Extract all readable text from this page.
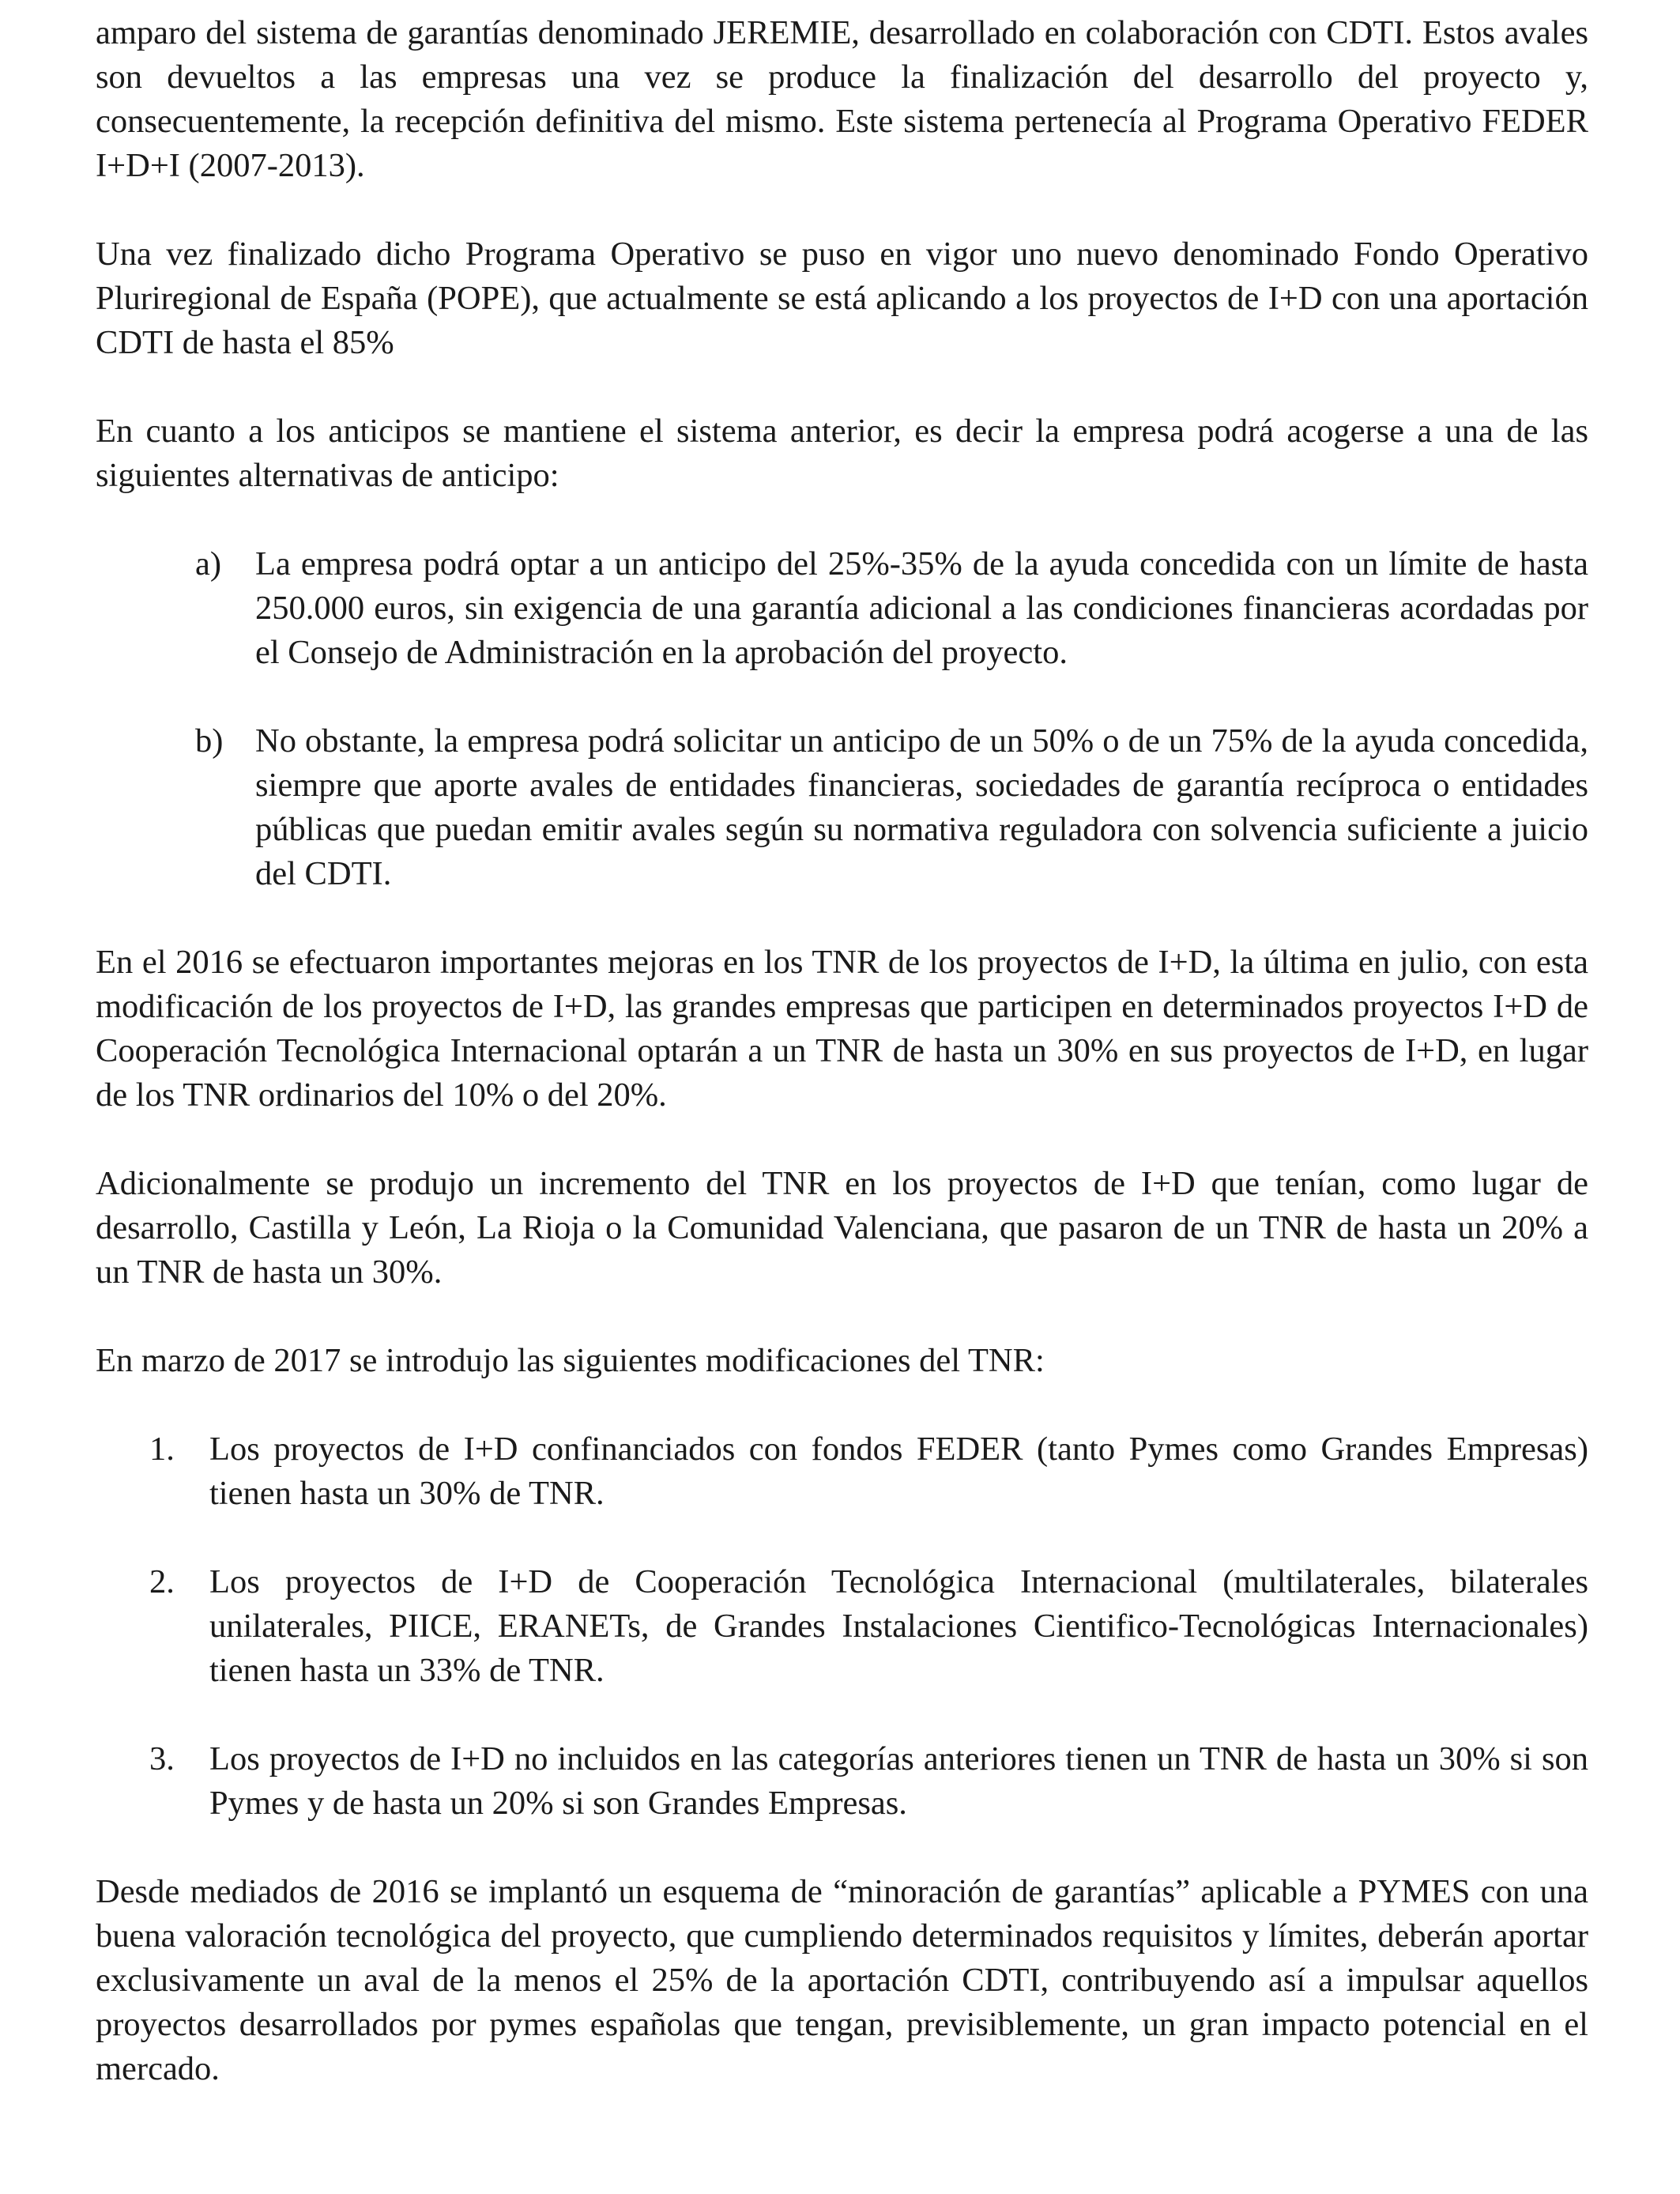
amparo del sistema de garantías denominado JEREMIE, desarrollado en colaboración con CDTI. Estos avales son devueltos a las empresas una vez se produce la finalización del desarrollo del proyecto y, consecuentemente, la recepción definitiva del mismo. Este sistema pertenecía al Programa Operativo FEDER I+D+I (2007-2013).

Una vez finalizado dicho Programa Operativo se puso en vigor uno nuevo denominado Fondo Operativo Pluriregional de España (POPE), que actualmente se está aplicando a los proyectos de I+D con una aportación CDTI de hasta el 85%

En cuanto a los anticipos se mantiene el sistema anterior, es decir la empresa podrá acogerse a una de las siguientes alternativas de anticipo:

a)	La empresa podrá optar a un anticipo del 25%-35% de la ayuda concedida con un límite de hasta 250.000 euros, sin exigencia de una garantía adicional a las condiciones financieras acordadas por el Consejo de Administración en la aprobación del proyecto.
b) No obstante, la empresa podrá solicitar un anticipo de un 50% o de un 75% de la ayuda concedida, siempre que aporte avales de entidades financieras, sociedades de garantía recíproca o entidades públicas que puedan emitir avales según su normativa reguladora con solvencia suficiente a juicio del CDTI.

En el 2016 se efectuaron importantes mejoras en los TNR de los proyectos de I+D, la última en julio, con esta modificación de los proyectos de I+D, las grandes empresas que participen en determinados proyectos I+D de Cooperación Tecnológica Internacional optarán a un TNR de hasta un 30% en sus proyectos de I+D, en lugar de los TNR ordinarios del 10% o del 20%.

Adicionalmente se produjo un incremento del TNR en los proyectos de I+D que tenían, como lugar de desarrollo, Castilla y León, La Rioja o la Comunidad Valenciana, que pasaron de un TNR de hasta un 20% a un TNR de hasta un 30%.

En marzo de 2017 se introdujo las siguientes modificaciones del TNR:

1.	Los proyectos de I+D confinanciados con fondos FEDER (tanto Pymes como Grandes Empresas) tienen hasta un 30% de TNR.
2.	Los proyectos de I+D de Cooperación Tecnológica Internacional (multilaterales, bilaterales unilaterales, PIICE, ERANETs, de Grandes Instalaciones Cientifico-Tecnológicas Internacionales) tienen hasta un 33% de TNR.
3.	Los proyectos de I+D no incluidos en las categorías anteriores tienen un TNR de hasta un 30% si son Pymes y de hasta un 20% si son Grandes Empresas.

Desde mediados de 2016 se implantó un esquema de “minoración de garantías” aplicable a PYMES con una buena valoración tecnológica del proyecto, que cumpliendo determinados requisitos y límites, deberán aportar exclusivamente un aval de la menos el 25% de la aportación CDTI, contribuyendo así a impulsar aquellos proyectos desarrollados por pymes españolas que tengan, previsiblemente, un gran impacto potencial en el mercado.
